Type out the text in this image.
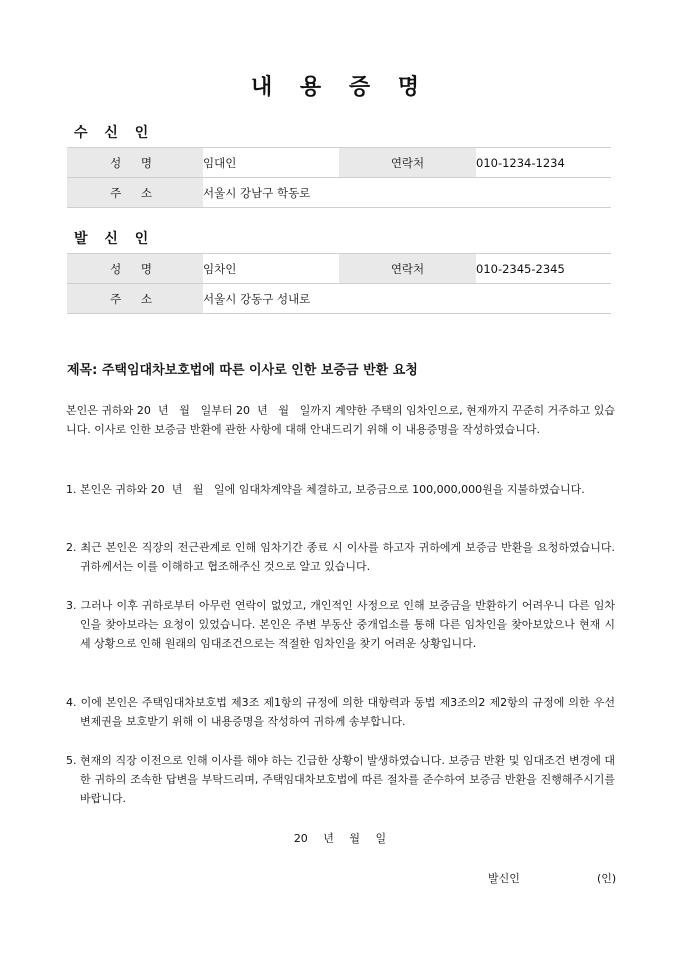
내 용 증 명
수 신 인
성 명	임대인	연락처	010-1234-1234
주 소	서울시 강남구 학동로		
발 신 인
성 명	임차인	연락처	010-2345-2345
주 소	서울시 강동구 성내로		
제목: 주택임대차보호법에 따른 이사로 인한 보증금 반환 요청
본인은 귀하와 20  년   월   일부터 20  년   월   일까지 계약한 주택의 임차인으로, 현재까지 꾸준히 거주하고 있습니다. 이사로 인한 보증금 반환에 관한 사항에 대해 안내드리기 위해 이 내용증명을 작성하였습니다.
1. 본인은 귀하와 20  년   월   일에 임대차계약을 체결하고, 보증금으로 100,000,000원을 지불하였습니다.
2. 최근 본인은 직장의 전근관계로 인해 임차기간 종료 시 이사를 하고자 귀하에게 보증금 반환을 요청하였습니다. 귀하께서는 이를 이해하고 협조해주신 것으로 알고 있습니다.
3. 그러나 이후 귀하로부터 아무런 연락이 없었고, 개인적인 사정으로 인해 보증금을 반환하기 어려우니 다른 임차인을 찾아보라는 요청이 있었습니다. 본인은 주변 부동산 중개업소를 통해 다른 임차인을 찾아보았으나 현재 시세 상황으로 인해 원래의 임대조건으로는 적절한 임차인을 찾기 어려운 상황입니다.
4. 이에 본인은 주택임대차보호법 제3조 제1항의 규정에 의한 대항력과 동법 제3조의2 제2항의 규정에 의한 우선 변제권을 보호받기 위해 이 내용증명을 작성하여 귀하께 송부합니다.
5. 현재의 직장 이전으로 인해 이사를 해야 하는 긴급한 상황이 발생하였습니다. 보증금 반환 및 임대조건 변경에 대한 귀하의 조속한 답변을 부탁드리며, 주택임대차보호법에 따른 절차를 준수하여 보증금 반환을 진행해주시기를 바랍니다.
20 년 월 일
발신인	(인)
